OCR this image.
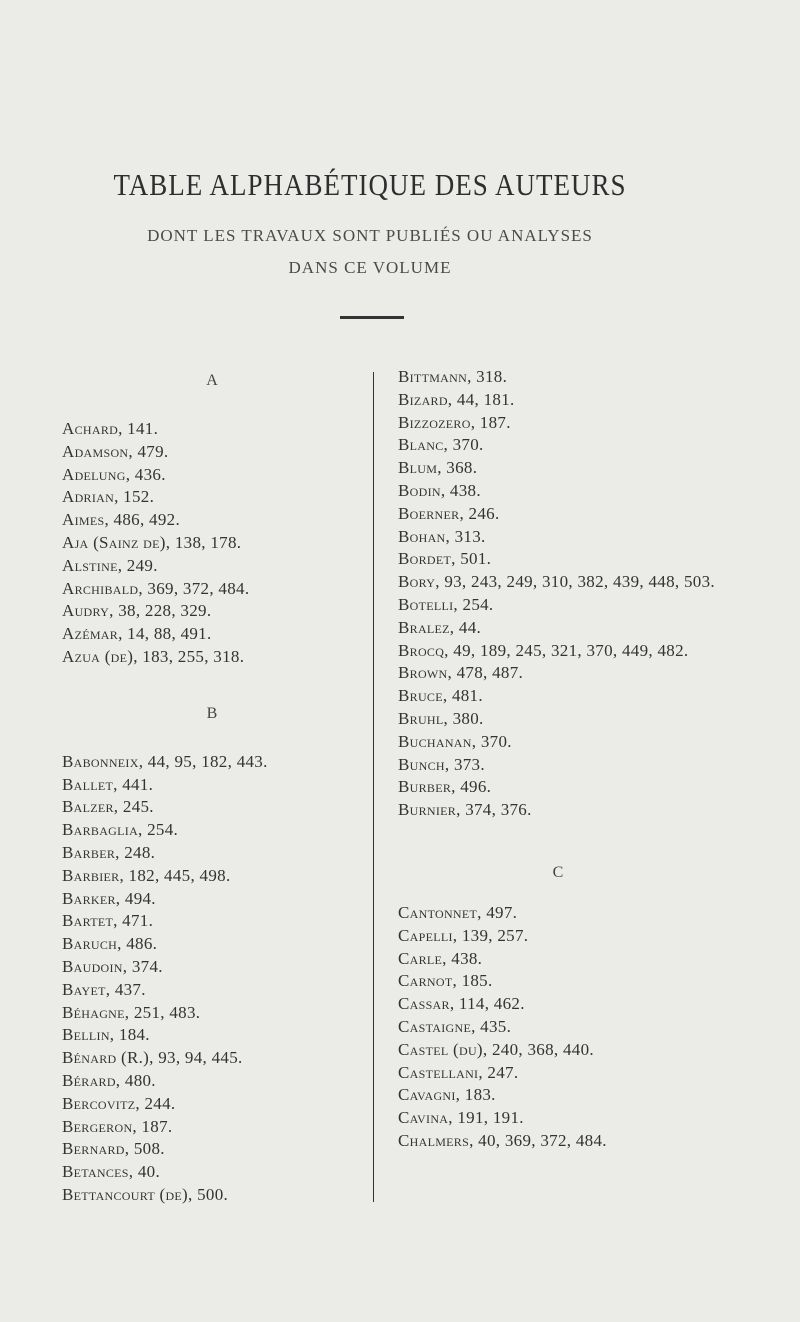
TABLE ALPHABÉTIQUE DES AUTEURS
DONT LES TRAVAUX SONT PUBLIÉS OU ANALYSES
DANS CE VOLUME
A
Achard, 141.
Adamson, 479.
Adelung, 436.
Adrian, 152.
Aimes, 486, 492.
Aja (Sainz de), 138, 178.
Alstine, 249.
Archibald, 369, 372, 484.
Audry, 38, 228, 329.
Azémar, 14, 88, 491.
Azua (de), 183, 255, 318.
B
Babonneix, 44, 95, 182, 443.
Ballet, 441.
Balzer, 245.
Barbaglia, 254.
Barber, 248.
Barbier, 182, 445, 498.
Barker, 494.
Bartet, 471.
Baruch, 486.
Baudoin, 374.
Bayet, 437.
Béhagne, 251, 483.
Bellin, 184.
Bénard (R.), 93, 94, 445.
Bérard, 480.
Bercovitz, 244.
Bergeron, 187.
Bernard, 508.
Betances, 40.
Bettancourt (de), 500.
Bittmann, 318.
Bizard, 44, 181.
Bizzozero, 187.
Blanc, 370.
Blum, 368.
Bodin, 438.
Boerner, 246.
Bohan, 313.
Bordet, 501.
Bory, 93, 243, 249, 310, 382, 439, 448, 503.
Botelli, 254.
Bralez, 44.
Brocq, 49, 189, 245, 321, 370, 449, 482.
Brown, 478, 487.
Bruce, 481.
Bruhl, 380.
Buchanan, 370.
Bunch, 373.
Burber, 496.
Burnier, 374, 376.
C
Cantonnet, 497.
Capelli, 139, 257.
Carle, 438.
Carnot, 185.
Cassar, 114, 462.
Castaigne, 435.
Castel (du), 240, 368, 440.
Castellani, 247.
Cavagni, 183.
Cavina, 191, 191.
Chalmers, 40, 369, 372, 484.
